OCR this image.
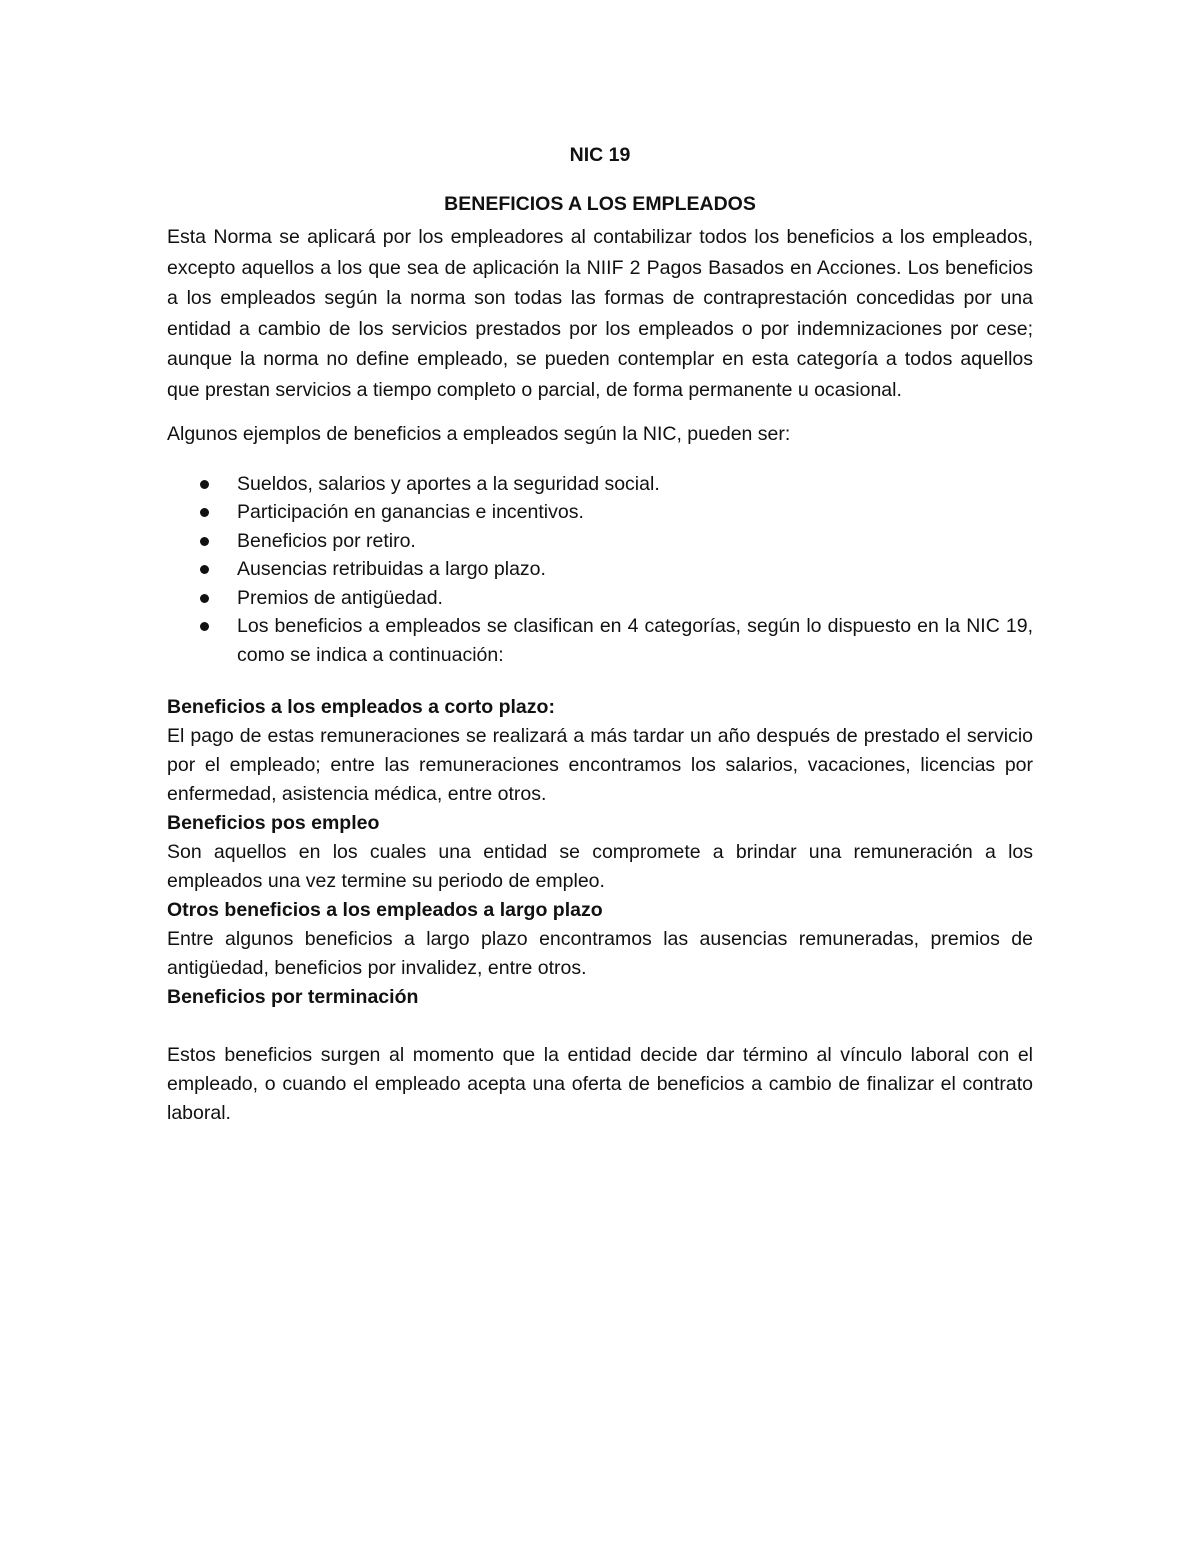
NIC 19

BENEFICIOS A LOS EMPLEADOS

Esta Norma se aplicará por los empleadores al contabilizar todos los beneficios a los empleados, excepto aquellos a los que sea de aplicación la NIIF 2 Pagos Basados en Acciones. Los beneficios a los empleados según la norma son todas las formas de contraprestación concedidas por una entidad a cambio de los servicios prestados por los empleados o por indemnizaciones por cese; aunque la norma no define empleado, se pueden contemplar en esta categoría a todos aquellos que prestan servicios a tiempo completo o parcial, de forma permanente u ocasional.

Algunos ejemplos de beneficios a empleados según la NIC, pueden ser:

Sueldos, salarios y aportes a la seguridad social.
Participación en ganancias e incentivos.
Beneficios por retiro.
Ausencias retribuidas a largo plazo.
Premios de antigüedad.
Los beneficios a empleados se clasifican en 4 categorías, según lo dispuesto en la NIC 19, como se indica a continuación:

Beneficios a los empleados a corto plazo:

El pago de estas remuneraciones se realizará a más tardar un año después de prestado el servicio por el empleado; entre las remuneraciones encontramos los salarios, vacaciones, licencias por enfermedad, asistencia médica, entre otros.

Beneficios pos empleo

Son aquellos en los cuales una entidad se compromete a brindar una remuneración a los empleados una vez termine su periodo de empleo.

Otros beneficios a los empleados a largo plazo

Entre algunos beneficios a largo plazo encontramos las ausencias remuneradas, premios de antigüedad, beneficios por invalidez, entre otros.

Beneficios por terminación

Estos beneficios surgen al momento que la entidad decide dar término al vínculo laboral con el empleado, o cuando el empleado acepta una oferta de beneficios a cambio de finalizar el contrato laboral.
